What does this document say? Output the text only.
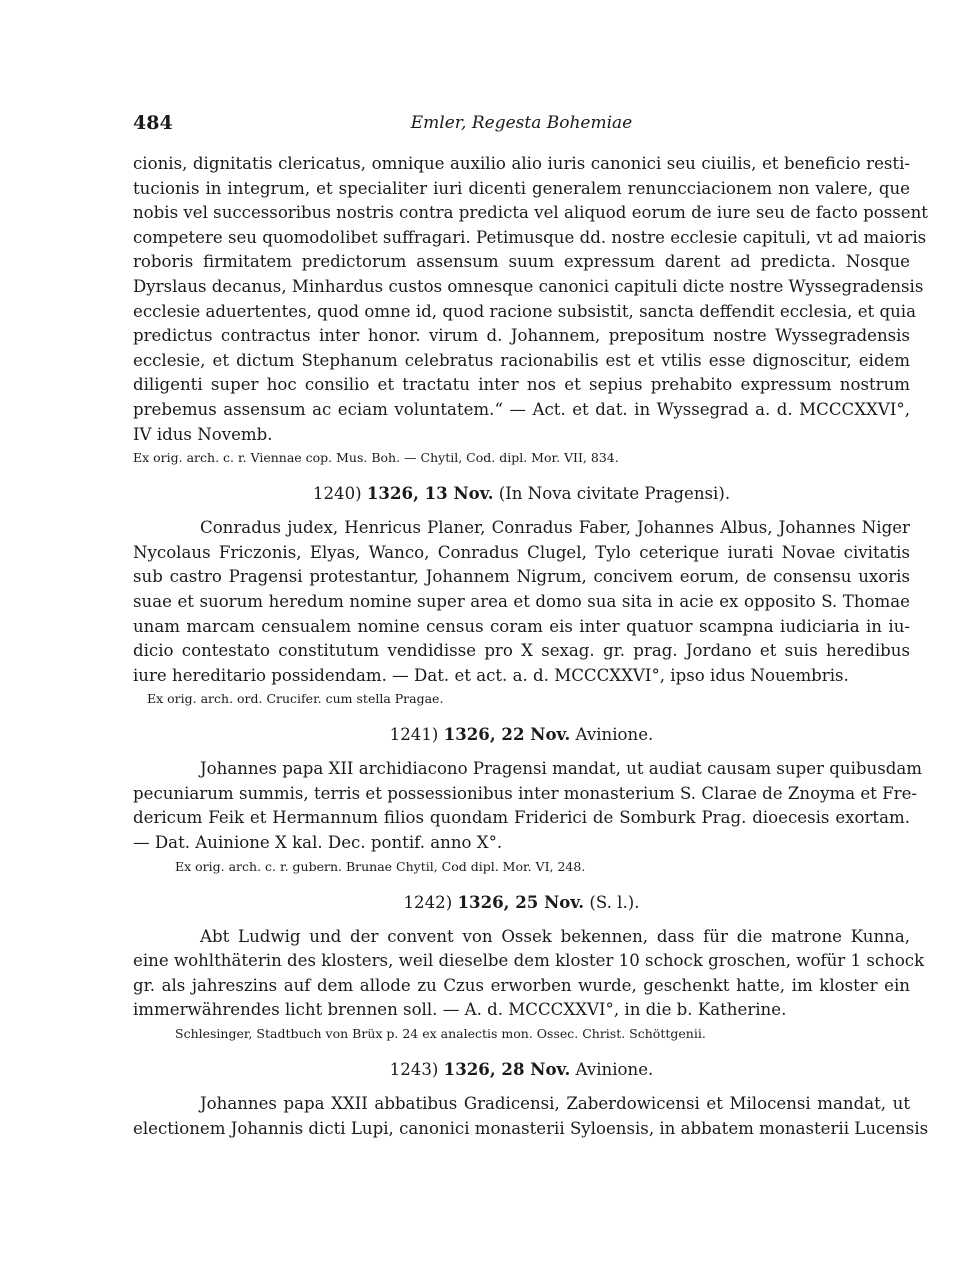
484	Emler, Regesta Bohemiae
cionis, dignitatis clericatus, omnique auxilio alio iuris canonici seu ciuilis, et beneficio resti-
tucionis in integrum, et specialiter iuri dicenti generalem renuncciacionem non valere, que
nobis vel successoribus nostris contra predicta vel aliquod eorum de iure seu de facto possent
competere seu quomodolibet suffragari. Petimusque dd. nostre ecclesie capituli, vt ad maioris
roboris firmitatem predictorum assensum suum expressum darent ad predicta. Nosque
Dyrslaus decanus, Minhardus custos omnesque canonici capituli dicte nostre Wyssegradensis
ecclesie aduertentes, quod omne id, quod racione subsistit, sancta deffendit ecclesia, et quia
predictus contractus inter honor. virum d. Johannem, prepositum nostre Wyssegradensis
ecclesie, et dictum Stephanum celebratus racionabilis est et vtilis esse dignoscitur, eidem
diligenti super hoc consilio et tractatu inter nos et sepius prehabito expressum nostrum
prebemus assensum ac eciam voluntatem.“ — Act. et dat. in Wyssegrad a. d. MCCCXXVI°,
IV idus Novemb.

Ex orig. arch. c. r. Viennae cop. Mus. Boh. — Chytil, Cod. dipl. Mor. VII, 834.

1240) 1326, 13 Nov. (In Nova civitate Pragensi).

Conradus judex, Henricus Planer, Conradus Faber, Johannes Albus, Johannes Niger
Nycolaus Friczonis, Elyas, Wanco, Conradus Clugel, Tylo ceterique iurati Novae civitatis
sub castro Pragensi protestantur, Johannem Nigrum, concivem eorum, de consensu uxoris
suae et suorum heredum nomine super area et domo sua sita in acie ex opposito S. Thomae
unam marcam censualem nomine census coram eis inter quatuor scampna iudiciaria in iu-
dicio contestato constitutum vendidisse pro X sexag. gr. prag. Jordano et suis heredibus
iure hereditario possidendam. — Dat. et act. a. d. MCCCXXVI°, ipso idus Nouembris.

Ex orig. arch. ord. Crucifer. cum stella Pragae.

1241) 1326, 22 Nov. Avinione.

Johannes papa XII archidiacono Pragensi mandat, ut audiat causam super quibusdam
pecuniarum summis, terris et possessionibus inter monasterium S. Clarae de Znoyma et Fre-
dericum Feik et Hermannum filios quondam Friderici de Somburk Prag. dioecesis exortam.
— Dat. Auinione X kal. Dec. pontif. anno X°.

Ex orig. arch. c. r. gubern. Brunae Chytil, Cod dipl. Mor. VI, 248.

1242) 1326, 25 Nov. (S. l.).

Abt Ludwig und der convent von Ossek bekennen, dass für die matrone Kunna,
eine wohlthäterin des klosters, weil dieselbe dem kloster 10 schock groschen, wofür 1 schock
gr. als jahreszins auf dem allode zu Czus erworben wurde, geschenkt hatte, im kloster ein
immerwährendes licht brennen soll. — A. d. MCCCXXVI°, in die b. Katherine.

Schlesinger, Stadtbuch von Brüx p. 24 ex analectis mon. Ossec. Christ. Schöttgenii.

1243) 1326, 28 Nov. Avinione.

Johannes papa XXII abbatibus Gradicensi, Zaberdowicensi et Milocensi mandat, ut
electionem Johannis dicti Lupi, canonici monasterii Syloensis, in abbatem monasterii Lucensis
